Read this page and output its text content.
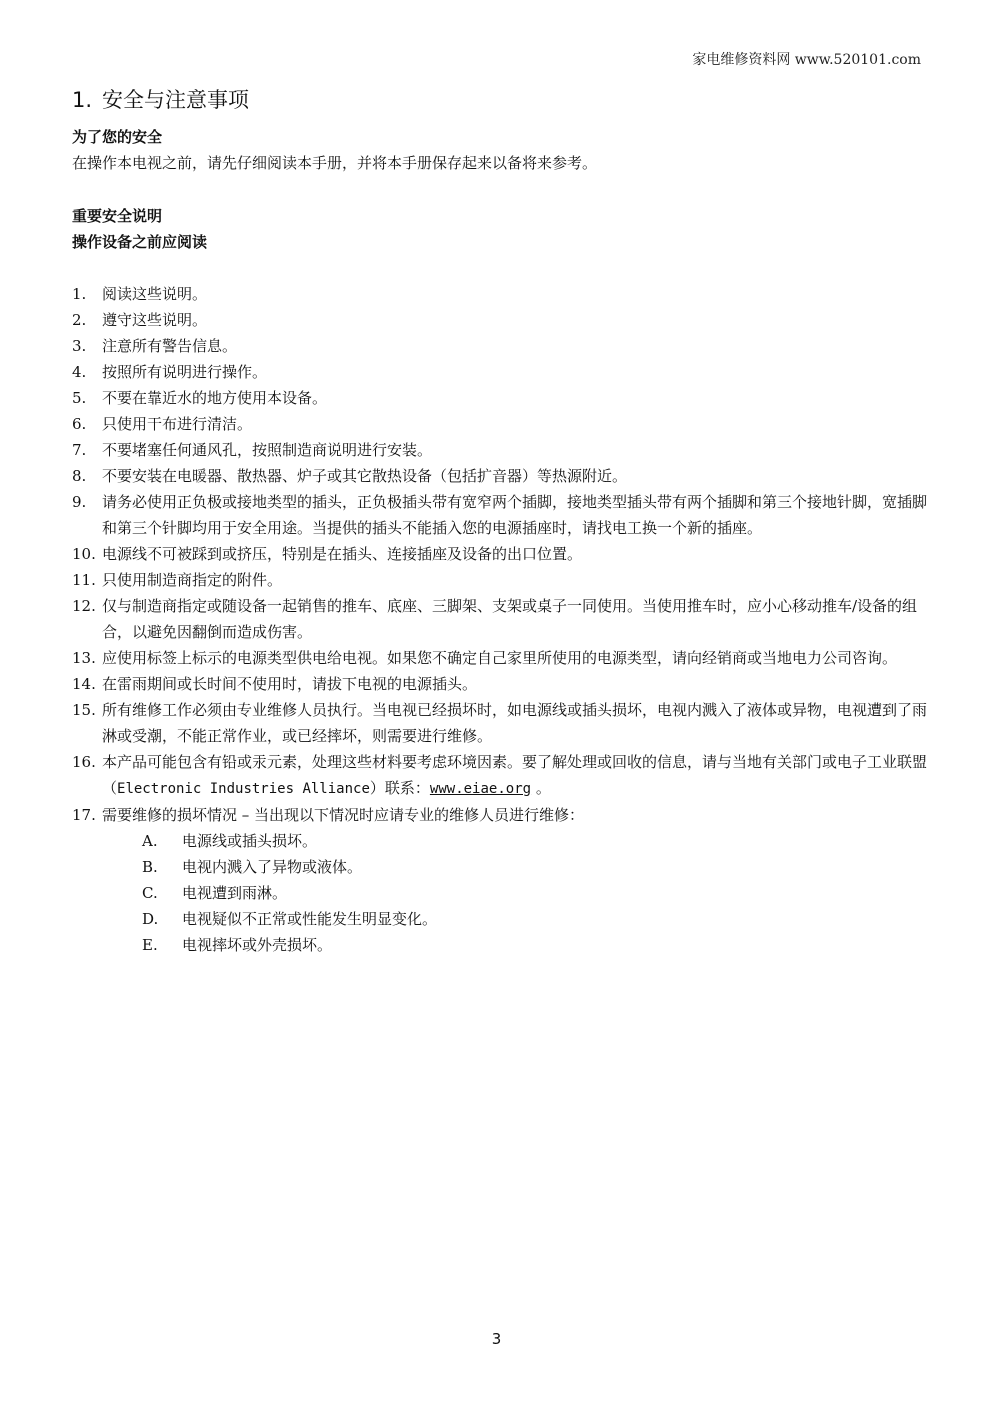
家电维修资料网 www.520101.com
1. 安全与注意事项
为了您的安全
在操作本电视之前，请先仔细阅读本手册，并将本手册保存起来以备将来参考。
重要安全说明
操作设备之前应阅读
1. 阅读这些说明。
2. 遵守这些说明。
3. 注意所有警告信息。
4. 按照所有说明进行操作。
5. 不要在靠近水的地方使用本设备。
6. 只使用干布进行清洁。
7. 不要堵塞任何通风孔，按照制造商说明进行安装。
8. 不要安装在电暖器、散热器、炉子或其它散热设备（包括扩音器）等热源附近。
9. 请务必使用正负极或接地类型的插头，正负极插头带有宽窄两个插脚，接地类型插头带有两个插脚和第三个接地针脚，宽插脚和第三个针脚均用于安全用途。当提供的插头不能插入您的电源插座时，请找电工换一个新的插座。
10. 电源线不可被踩到或挤压，特别是在插头、连接插座及设备的出口位置。
11. 只使用制造商指定的附件。
12. 仅与制造商指定或随设备一起销售的推车、底座、三脚架、支架或桌子一同使用。当使用推车时，应小心移动推车/设备的组合，以避免因翻倒而造成伤害。
13. 应使用标签上标示的电源类型供电给电视。如果您不确定自己家里所使用的电源类型，请向经销商或当地电力公司咨询。
14. 在雷雨期间或长时间不使用时，请拔下电视的电源插头。
15. 所有维修工作必须由专业维修人员执行。当电视已经损坏时，如电源线或插头损坏，电视内溅入了液体或异物，电视遭到了雨淋或受潮，不能正常作业，或已经摔坏，则需要进行维修。
16. 本产品可能包含有铅或汞元素，处理这些材料要考虑环境因素。要了解处理或回收的信息，请与当地有关部门或电子工业联盟（Electronic Industries Alliance）联系：www.eiae.org 。
17. 需要维修的损坏情况 – 当出现以下情况时应请专业的维修人员进行维修：
A. 电源线或插头损坏。
B. 电视内溅入了异物或液体。
C. 电视遭到雨淋。
D. 电视疑似不正常或性能发生明显变化。
E. 电视摔坏或外壳损坏。
3
